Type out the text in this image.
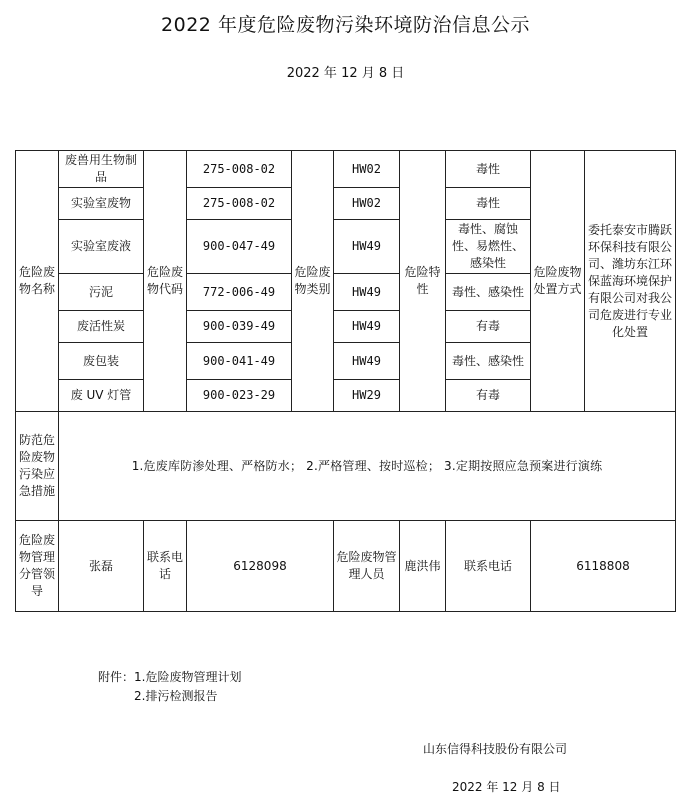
2022 年度危险废物污染环境防治信息公示
2022 年 12 月 8 日
危险废物名称	废兽用生物制品	危险废物代码	275-008-02	危险废物类别	HW02	危险特性	毒性	危险废物处置方式	委托泰安市腾跃环保科技有限公司、潍坊东江环保蓝海环境保护有限公司对我公司危废进行专业化处置
	实验室废物		275-008-02		HW02		毒性		
	实验室废液		900-047-49		HW49		毒性、腐蚀性、易燃性、感染性		
	污泥		772-006-49		HW49		毒性、感染性		
	废活性炭		900-039-49		HW49		有毒		
	废包装		900-041-49		HW49		毒性、感染性		
	废 UV 灯管		900-023-29		HW29		有毒		
防范危险废物污染应急措施	1.危废库防渗处理、严格防水； 2.严格管理、按时巡检； 3.定期按照应急预案进行演练								
危险废物管理分管领导	张磊	联系电话	6128098		危险废物管理人员	鹿洪伟	联系电话	6118808	
附件：1.危险废物管理计划
2.排污检测报告
山东信得科技股份有限公司
2022 年 12 月 8 日
